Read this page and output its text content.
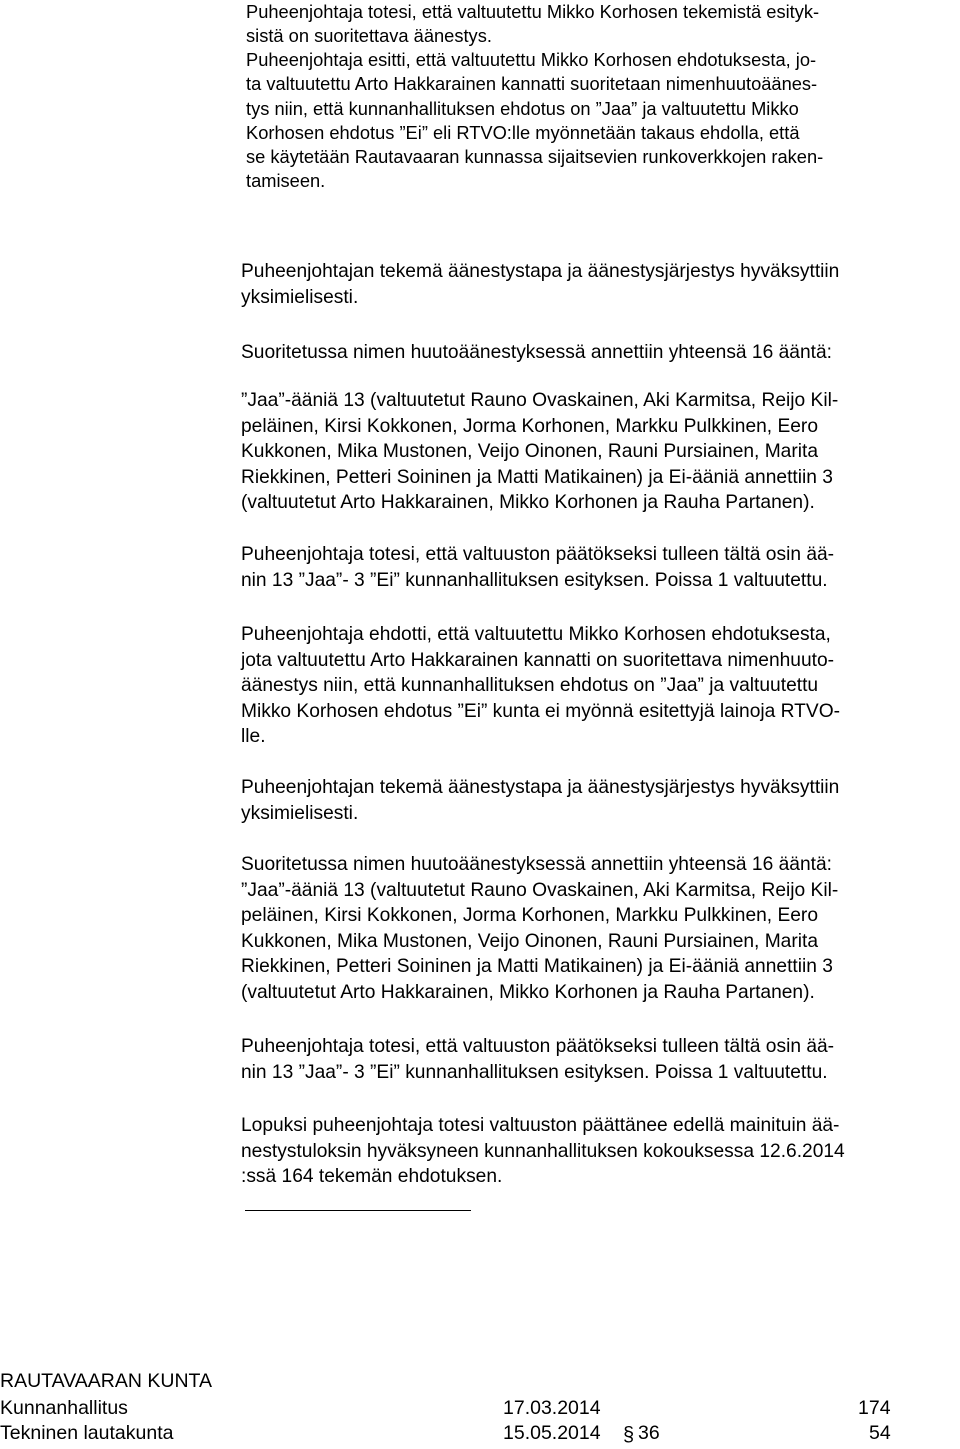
Puheenjohtaja totesi, että valtuutettu Mikko Korhosen tekemistä esityk-
sistä on suoritettava äänestys.

Puheenjohtaja esitti, että valtuutettu Mikko Korhosen ehdotuksesta, jo-
ta valtuutettu Arto Hakkarainen kannatti suoritetaan nimenhuutoäänes-
tys niin, että kunnanhallituksen ehdotus on ”Jaa” ja valtuutettu Mikko
Korhosen ehdotus ”Ei” eli RTVO:lle myönnetään takaus ehdolla, että
se käytetään Rautavaaran kunnassa sijaitsevien runkoverkkojen raken-
tamiseen.

Puheenjohtajan tekemä äänestystapa ja äänestysjärjestys hyväksyttiin
yksimielisesti.

Suoritetussa nimen huutoäänestyksessä annettiin yhteensä 16 ääntä:

”Jaa”-ääniä 13 (valtuutetut Rauno Ovaskainen, Aki Karmitsa, Reijo Kil-
peläinen, Kirsi Kokkonen, Jorma Korhonen, Markku Pulkkinen, Eero
Kukkonen, Mika Mustonen, Veijo Oinonen, Rauni Pursiainen, Marita
Riekkinen, Petteri Soininen ja Matti Matikainen) ja Ei-ääniä annettiin 3
(valtuutetut Arto Hakkarainen, Mikko Korhonen ja Rauha Partanen).

Puheenjohtaja totesi, että valtuuston päätökseksi tulleen tältä osin ää-
nin 13 ”Jaa”- 3 ”Ei” kunnanhallituksen esityksen. Poissa 1 valtuutettu.

Puheenjohtaja ehdotti, että valtuutettu Mikko Korhosen ehdotuksesta,
jota valtuutettu Arto Hakkarainen kannatti on suoritettava nimenhuuto-
äänestys niin, että kunnanhallituksen ehdotus on ”Jaa” ja valtuutettu
Mikko Korhosen ehdotus ”Ei” kunta ei myönnä esitettyjä lainoja RTVO-
lle.

Puheenjohtajan tekemä äänestystapa ja äänestysjärjestys hyväksyttiin
yksimielisesti.

Suoritetussa nimen huutoäänestyksessä annettiin yhteensä 16 ääntä:
”Jaa”-ääniä 13 (valtuutetut Rauno Ovaskainen, Aki Karmitsa, Reijo Kil-
peläinen, Kirsi Kokkonen, Jorma Korhonen, Markku Pulkkinen, Eero
Kukkonen, Mika Mustonen, Veijo Oinonen, Rauni Pursiainen, Marita
Riekkinen, Petteri Soininen ja Matti Matikainen) ja Ei-ääniä annettiin 3
(valtuutetut Arto Hakkarainen, Mikko Korhonen ja Rauha Partanen).

Puheenjohtaja totesi, että valtuuston päätökseksi tulleen tältä osin ää-
nin 13 ”Jaa”- 3 ”Ei” kunnanhallituksen esityksen. Poissa 1 valtuutettu.

Lopuksi puheenjohtaja totesi valtuuston päättänee edellä mainituin ää-
nestystuloksin hyväksyneen kunnanhallituksen kokouksessa 12.6.2014
:ssä 164 tekemän ehdotuksen.

RAUTAVAARAN KUNTA
Kunnanhallitus	17.03.2014	174
Tekninen lautakunta	15.05.2014 § 36	54
